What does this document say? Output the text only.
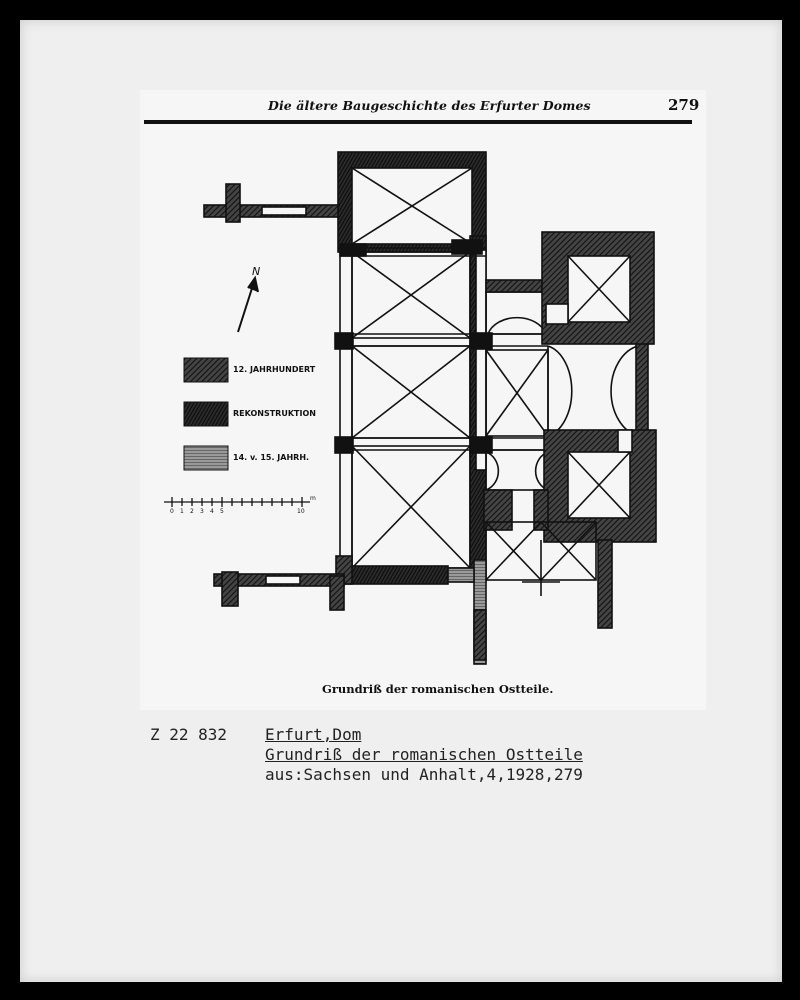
Die ältere Baugeschichte des Erfurter Domes	279
N
0 1 2 3 4 5	10
m
12. JAHRHUNDERT
REKONSTRUKTION
14. v. 15. JAHRH.
Grundriß der romanischen Ostteile.
Z 22 832 Erfurt,Dom
Grundriß der romanischen Ostteile
aus:Sachsen und Anhalt,4,1928,279
